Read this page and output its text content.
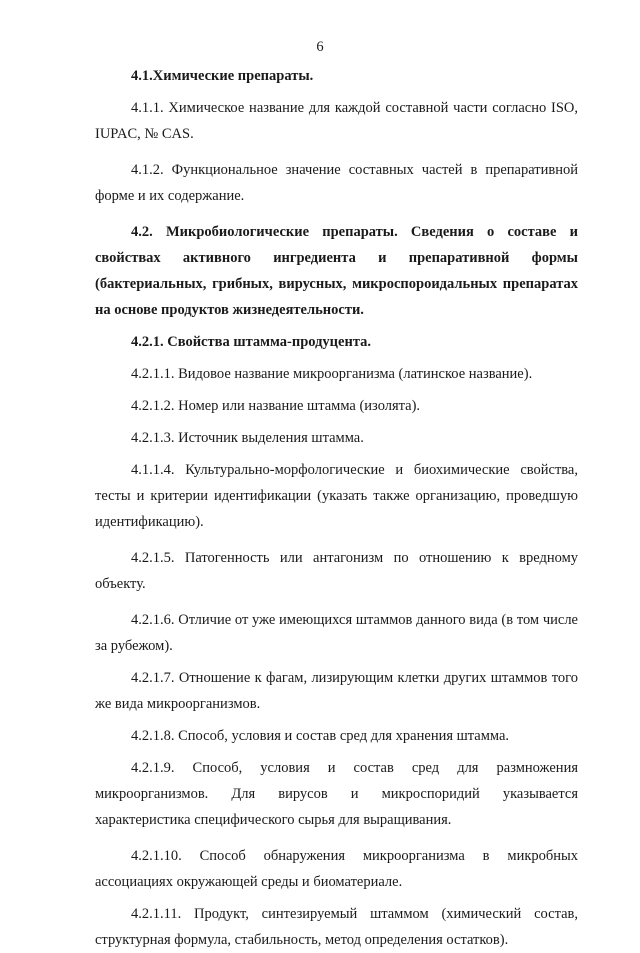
6

4.1.Химические препараты.

4.1.1. Химическое название для каждой составной части согласно ISO, IUPAC, № CAS.

4.1.2. Функциональное значение составных частей в препаративной форме и их содержание.

4.2. Микробиологические препараты. Сведения о составе и свойствах активного ингредиента и препаративной формы (бактериальных, грибных, вирусных, микроспороидальных препаратах на основе продуктов жизнедеятельности.

4.2.1. Свойства штамма-продуцента.

4.2.1.1. Видовое название микроорганизма (латинское название).

4.2.1.2. Номер или название штамма (изолята).

4.2.1.3. Источник выделения штамма.

4.1.1.4. Культурально-морфологические и биохимические свойства, тесты и критерии идентификации (указать также организацию, проведшую идентификацию).

4.2.1.5. Патогенность или антагонизм по отношению к вредному объекту.

4.2.1.6. Отличие от уже имеющихся штаммов данного вида (в том числе за рубежом).

4.2.1.7. Отношение к фагам, лизирующим клетки других штаммов того же вида микроорганизмов.

4.2.1.8. Способ, условия и состав сред для хранения штамма.

4.2.1.9. Способ, условия и состав сред для размножения микроорганизмов. Для вирусов и микроспоридий указывается характеристика специфического сырья для выращивания.

4.2.1.10. Способ обнаружения микроорганизма в микробных ассоциациях окружающей среды и биоматериале.

4.2.1.11. Продукт, синтезируемый штаммом (химический состав, структурная формула, стабильность, метод определения остатков).
